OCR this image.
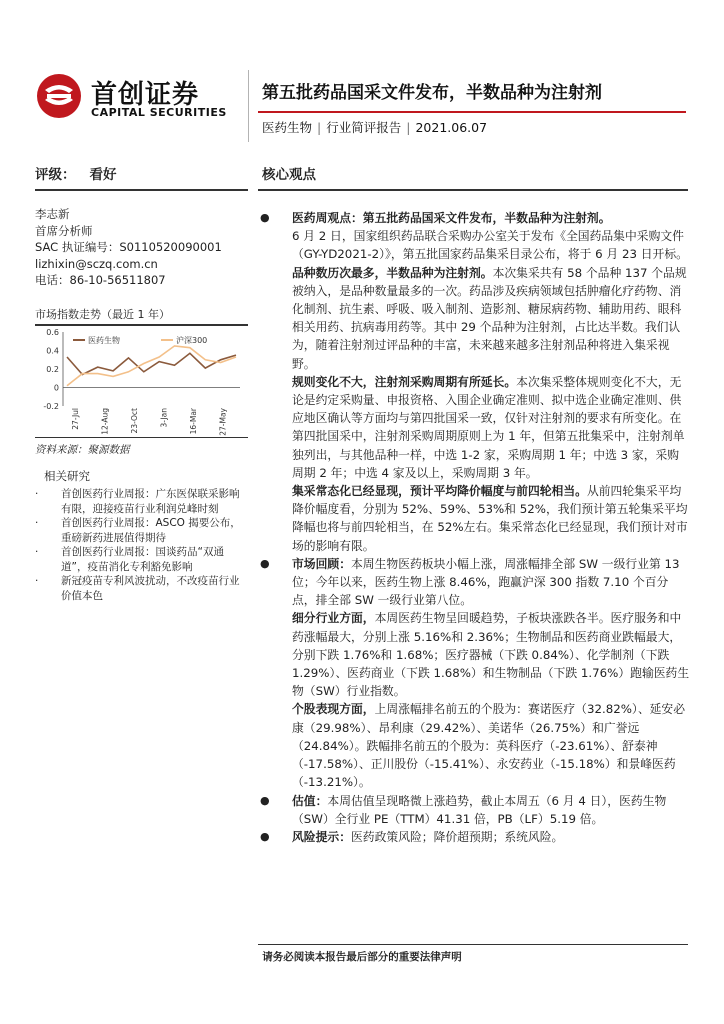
首创证券
CAPITAL SECURITIES
第五批药品国采文件发布，半数品种为注射剂
医药生物 | 行业简评报告 | 2021.06.07
评级： 看好	核心观点
李志新
首席分析师
SAC 执证编号：S0110520090001
lizhixin@sczq.com.cn
电话：86-10-56511807
市场指数走势（最近 1 年）
0.6
0.4
0.2
0
-0.2
27-Jul	12-Aug	23-Oct	3-Jan	16-Mar	27-May
医药生物	沪深300
资料来源：聚源数据
相关研究
· 首创医药行业周报：广东医保联采影响有限，迎接疫苗行业利润兑峰时刻
· 首创医药行业周报：ASCO 揭要公布，重磅新药进展值得期待
· 首创医药行业周报：国谈药品“双通道”，疫苗消化专利豁免影响
· 新冠疫苗专利风波扰动，不改疫苗行业价值本色
● 医药周观点：第五批药品国采文件发布，半数品种为注射剂。
6 月 2 日，国家组织药品联合采购办公室关于发布《全国药品集中采购文件（GY-YD2021-2）》，第五批国家药品集采目录公布，将于 6 月 23 日开标。
品种数历次最多，半数品种为注射剂。本次集采共有 58 个品种 137 个品规被纳入，是品种数量最多的一次。药品涉及疾病领域包括肿瘤化疗药物、消化制剂、抗生素、呼吸、吸入制剂、造影剂、糖尿病药物、辅助用药、眼科相关用药、抗病毒用药等。其中 29 个品种为注射剂，占比达半数。我们认为，随着注射剂过评品种的丰富，未来越来越多注射剂品种将进入集采视野。
规则变化不大，注射剂采购周期有所延长。本次集采整体规则变化不大，无论是约定采购量、申报资格、入围企业确定准则、拟中选企业确定准则、供应地区确认等方面均与第四批国采一致，仅针对注射剂的要求有所变化。在第四批国采中，注射剂采购周期原则上为 1 年，但第五批集采中，注射剂单独列出，与其他品种一样，中选 1-2 家，采购周期 1 年；中选 3 家，采购周期 2 年；中选 4 家及以上，采购周期 3 年。
集采常态化已经显现，预计平均降价幅度与前四轮相当。从前四轮集采平均降价幅度看，分别为 52%、59%、53%和 52%，我们预计第五轮集采平均降幅也将与前四轮相当，在 52%左右。集采常态化已经显现，我们预计对市场的影响有限。
● 市场回顾：本周生物医药板块小幅上涨，周涨幅排全部 SW 一级行业第 13 位；今年以来，医药生物上涨 8.46%，跑赢沪深 300 指数 7.10 个百分点，排全部 SW 一级行业第八位。
细分行业方面，本周医药生物呈回暖趋势，子板块涨跌各半。医疗服务和中药涨幅最大，分别上涨 5.16%和 2.36%；生物制品和医药商业跌幅最大，分别下跌 1.76%和 1.68%；医疗器械（下跌 0.84%）、化学制剂（下跌 1.29%）、医药商业（下跌 1.68%）和生物制品（下跌 1.76%）跑输医药生物（SW）行业指数。
个股表现方面，上周涨幅排名前五的个股为：赛诺医疗（32.82%）、延安必康（29.98%）、昂利康（29.42%）、美诺华（26.75%）和广誉远（24.84%）。跌幅排名前五的个股为：英科医疗（-23.61%）、舒泰神（-17.58%）、正川股份（-15.41%）、永安药业（-15.18%）和景峰医药（-13.21%）。
● 估值：本周估值呈现略微上涨趋势，截止本周五（6 月 4 日），医药生物（SW）全行业 PE（TTM）41.31 倍，PB（LF）5.19 倍。
● 风险提示：医药政策风险；降价超预期；系统风险。
请务必阅读本报告最后部分的重要法律声明
